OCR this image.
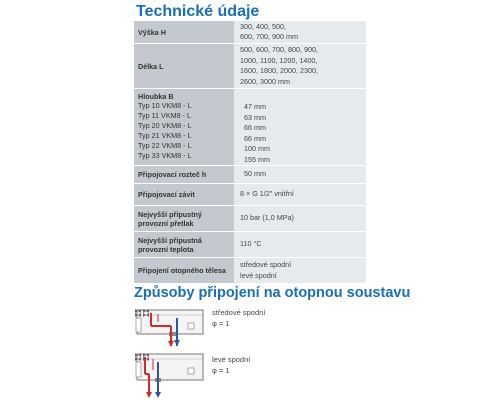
Technické údaje
Výška H
300, 400, 500,
600, 700, 900 mm
Délka L
500, 600, 700, 800, 900,
1000, 1100, 1200, 1400,
1600, 1800, 2000, 2300,
2600, 3000 mm
Hloubka B
Typ 10 VKM8 - L
Typ 11 VKM8 - L
Typ 20 VKM8 - L
Typ 21 VKM8 - L
Typ 22 VKM8 - L
Typ 33 VKM8 - L
47 mm
63 mm
66 mm
66 mm
100 mm
155 mm
Připojovací rozteč h	50 mm
Připojovací závit	8 × G 1/2" vnitřní
Nejvyšší přípustný
provozní přetlak
10 bar (1,0 MPa)
Nejvyšší přípustná
provozní teplota
110 °C
Připojení otopného tělesa
středové spodní
levé spodní
Způsoby připojení na otopnou soustavu
středové spodní
φ = 1
levé spodní
φ = 1
